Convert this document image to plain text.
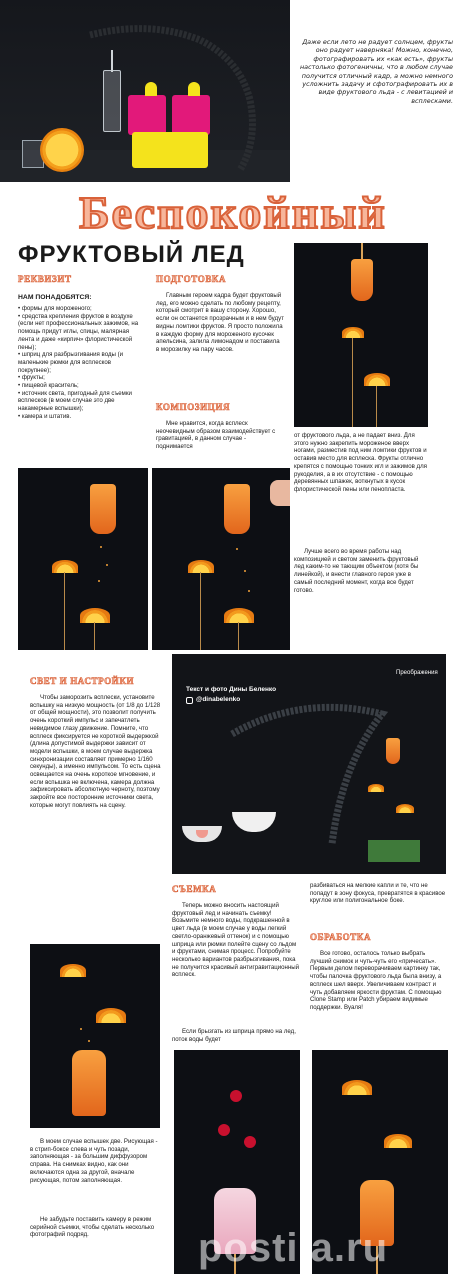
Даже если лето не радует солнцем, фрукты оно радует наверняка! Можно, конечно, фотографировать их «как есть», фрукты настолько фотогеничны, что в любом случае получится отличный кадр, а можно немного усложнить задачу и сфотографировать их в виде фруктового льда - с левитацией и всплесками.
Беспокойный
ФРУКТОВЫЙ ЛЕД
РЕКВИЗИТ
НАМ ПОНАДОБЯТСЯ:
• формы для мороженого;
• средства крепления фруктов в воздухе (если нет профессиональных зажимов, на помощь придут иглы, спицы, малярная лента и даже «кирпич» флористической пены);
• шприц для разбрызгивания воды (и маленькие рюмки для всплесков покрупнее);
• фрукты;
• пищевой краситель;
• источник света, пригодный для съемки всплесков (в моем случае это две накамерные вспышки);
• камера и штатив.
ПОДГОТОВКА
Главным героем кадра будет фруктовый лед, его можно сделать по любому рецепту, который смотрит в вашу сторону. Хорошо, если он останется прозрачным и в нем будут видны ломтики фруктов. Я просто положила в каждую форму для мороженого кусочек апельсина, залила лимонадом и поставила в морозилку на пару часов.
КОМПОЗИЦИЯ
Мне нравится, когда всплеск неочевидным образом взаимодействует с гравитацией, в данном случае - поднимается
от фруктового льда, а не падает вниз. Для этого нужно закрепить мороженое вверх ногами, разместив под ним ломтики фруктов и оставив место для всплеска. Фрукты отлично крепятся с помощью тонких игл и зажимов для рукоделия, а в их отсутствие - с помощью деревянных шпажек, воткнутых в кусок флористической пены или пенопласта.
Лучше всего во время работы над композицией и светом заменить фруктовый лед каким-то не тающим объектом (хотя бы линейкой), и внести главного героя уже в самый последний момент, когда все будет готово.
СВЕТ И НАСТРОЙКИ
Чтобы заморозить всплески, установите вспышку на низкую мощность (от 1/8 до 1/128 от общей мощности), это позволит получить очень короткий импульс и запечатлеть невидимое глазу движение. Помните, что всплеск фиксируется не короткой выдержкой (длина допустимой выдержки зависит от модели вспышки, в моем случае выдержка синхронизации составляет примерно 1/160 секунды), а именно импульсом. То есть сцена освещается на очень короткое мгновение, и если вспышка не включена, камера должна зафиксировать абсолютную черноту, поэтому закройте все посторонние источники света, которые могут повлиять на сцену.
Преображения
Текст и фото Дины Беленко
@dinabelenko
СЪЕМКА
Теперь можно вносить настоящий фруктовый лед и начинать съемку! Возьмите немного воды, подкрашенной в цвет льда (в моем случае у воды легкий светло-оранжевый оттенок) и с помощью шприца или рюмки полейте сцену со льдом и фруктами, снимая процесс. Попробуйте несколько вариантов разбрызгивания, пока не получится красивый антигравитационный всплеск.
Если брызгать из шприца прямо на лед, поток воды будет
разбиваться на мелкие капли и те, что не попадут в зону фокуса, превратятся в красивое круглое или полигональное боке.
ОБРАБОТКА
Все готово, осталось только выбрать лучший снимок и чуть-чуть его «причесать». Первым делом переворачиваем картинку так, чтобы палочка фруктового льда была внизу, а всплеск шел вверх. Увеличиваем контраст и чуть добавляем яркости фруктам. С помощью Clone Stamp или Patch убираем видимые поддержки. Вуаля!
В моем случае вспышек две. Рисующая - в стрип-боксе слева и чуть позади, заполняющая - за большим диффузором справа. На снимках видно, как они включаются одна за другой, вначале рисующая, потом заполняющая.
Не забудьте поставить камеру в режим серийной съемки, чтобы сделать несколько фотографий подряд.	postila.ru
